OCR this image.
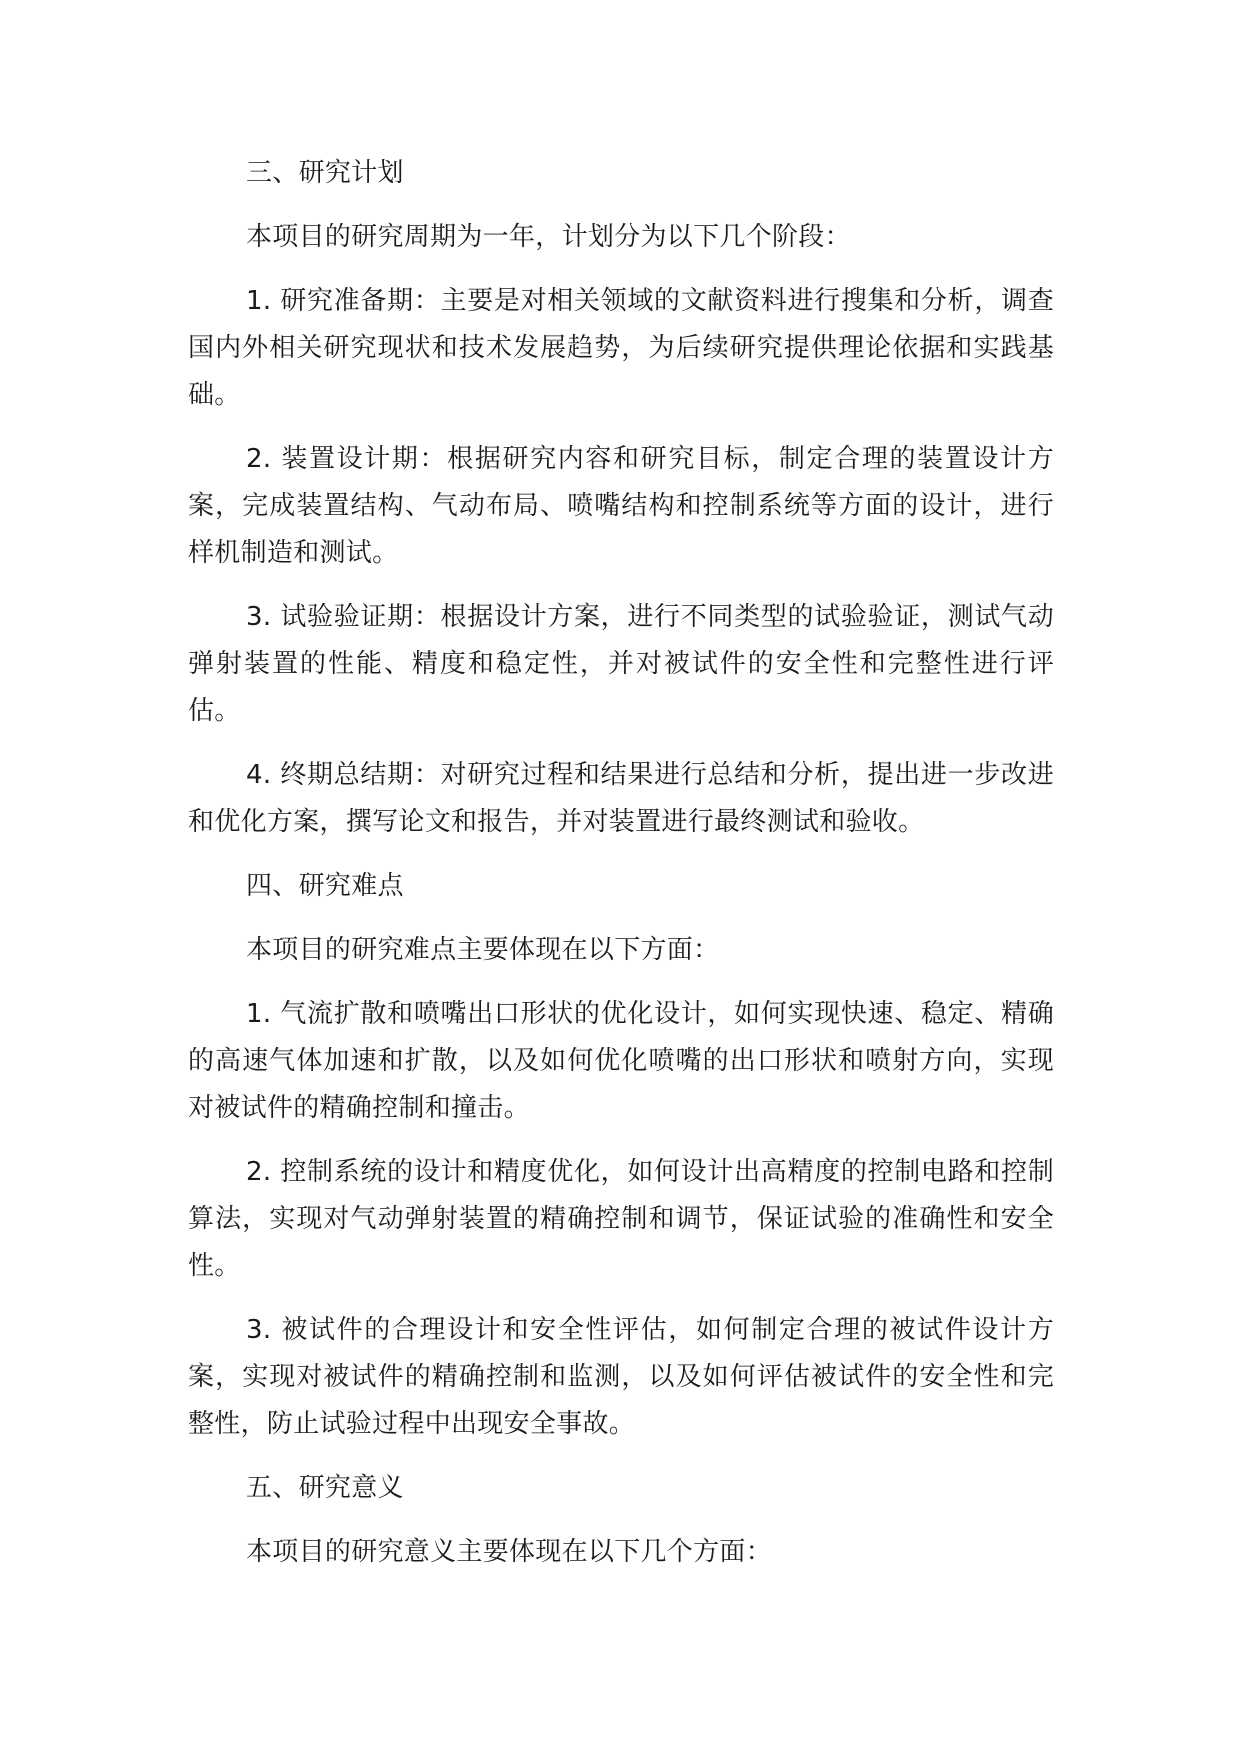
三、研究计划

本项目的研究周期为一年，计划分为以下几个阶段：

1. 研究准备期：主要是对相关领域的文献资料进行搜集和分析，调查国内外相关研究现状和技术发展趋势，为后续研究提供理论依据和实践基础。

2. 装置设计期：根据研究内容和研究目标，制定合理的装置设计方案，完成装置结构、气动布局、喷嘴结构和控制系统等方面的设计，进行样机制造和测试。

3. 试验验证期：根据设计方案，进行不同类型的试验验证，测试气动弹射装置的性能、精度和稳定性，并对被试件的安全性和完整性进行评估。

4. 终期总结期：对研究过程和结果进行总结和分析，提出进一步改进和优化方案，撰写论文和报告，并对装置进行最终测试和验收。

四、研究难点

本项目的研究难点主要体现在以下方面：

1. 气流扩散和喷嘴出口形状的优化设计，如何实现快速、稳定、精确的高速气体加速和扩散，以及如何优化喷嘴的出口形状和喷射方向，实现对被试件的精确控制和撞击。

2. 控制系统的设计和精度优化，如何设计出高精度的控制电路和控制算法，实现对气动弹射装置的精确控制和调节，保证试验的准确性和安全性。

3. 被试件的合理设计和安全性评估，如何制定合理的被试件设计方案，实现对被试件的精确控制和监测，以及如何评估被试件的安全性和完整性，防止试验过程中出现安全事故。

五、研究意义

本项目的研究意义主要体现在以下几个方面：
